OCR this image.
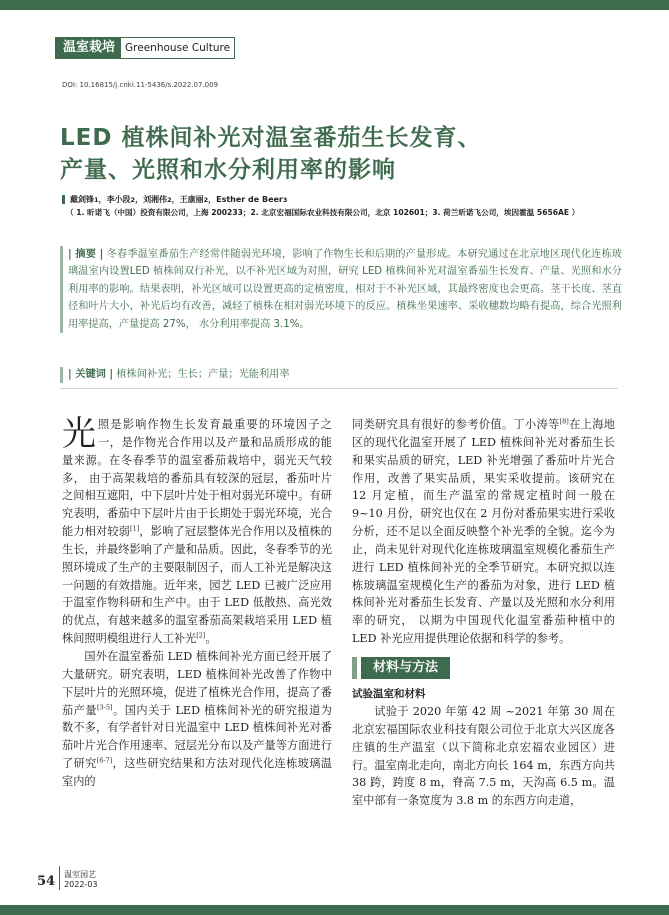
温室栽培 Greenhouse Culture
DOI: 10.16815/j.cnki.11-5436/s.2022.07.009
LED 植株间补光对温室番茄生长发育、
产量、光照和水分利用率的影响
戴剑锋 1 ， 李小段 2 ， 刘湘伟 2 ， 王康丽 2 ， Esther de Beer 3
（ 1. 昕诺飞（中国）投资有限公司，上海 200233；2. 北京宏福国际农业科技有限公司，北京 102601；3. 荷兰昕诺飞公司，埃因霍温 5656AE ）
| 摘要 | 冬春季温室番茄生产经常伴随弱光环境，影响了作物生长和后期的产量形成。本研究通过在北京地区现代化连栋玻璃温室内设置LED 植株间双行补光，以不补光区域为对照，研究 LED 植株间补光对温室番茄生长发育、产量、光照和水分利用率的影响。结果表明，补光区域可以设置更高的定植密度，相对于不补光区域，其最终密度也会更高。茎干长度、茎直径和叶片大小，补光后均有改善，减轻了植株在相对弱光环境下的反应。植株坐果速率、采收穗数均略有提高，综合光照利用率提高，产量提高 27%， 水分利用率提高 3.1%。
| 关键词 | 植株间补光；生长；产量；光能利用率

光照是影响作物生长发育最重要的环境因子之一，是作物光合作用以及产量和品质形成的能量来源。在冬春季节的温室番茄栽培中，弱光天气较多， 由于高架栽培的番茄具有较深的冠层，番茄叶片之间相互遮阳，中下层叶片处于相对弱光环境中。有研究表明，番茄中下层叶片由于长期处于弱光环境，光合能力相对较弱[1]，影响了冠层整体光合作用以及植株的生长，并最终影响了产量和品质。因此，冬春季节的光照环境成了生产的主要限制因子，而人工补光是解决这一问题的有效措施。近年来，园艺 LED 已被广泛应用于温室作物科研和生产中。由于 LED 低散热、高光效的优点，有越来越多的温室番茄高架栽培采用 LED 植株间照明模组进行人工补光[2]。

国外在温室番茄 LED 植株间补光方面已经开展了大量研究。研究表明，LED 植株间补光改善了作物中下层叶片的光照环境，促进了植株光合作用，提高了番茄产量[3-5]。国内关于 LED 植株间补光的研究报道为数不多，有学者针对日光温室中 LED 植株间补光对番茄叶片光合作用速率、冠层光分布以及产量等方面进行了研究[6-7]，这些研究结果和方法对现代化连栋玻璃温室内的

同类研究具有很好的参考价值。丁小涛等[8]在上海地区的现代化温室开展了 LED 植株间补光对番茄生长和果实品质的研究，LED 补光增强了番茄叶片光合作用，改善了果实品质，果实采收提前。该研究在 12 月定植，而生产温室的常规定植时间一般在 9~10 月份，研究也仅在 2 月份对番茄果实进行采收分析，还不足以全面反映整个补光季的全貌。迄今为止，尚未见针对现代化连栋玻璃温室规模化番茄生产进行 LED 植株间补光的全季节研究。本研究拟以连栋玻璃温室规模化生产的番茄为对象，进行 LED 植株间补光对番茄生长发育、产量以及光照和水分利用率的研究， 以期为中国现代化温室番茄种植中的 LED 补光应用提供理论依据和科学的参考。

材料与方法
试验温室和材料

试验于 2020 年第 42 周 ~2021 年第 30 周在北京宏福国际农业科技有限公司位于北京大兴区庞各庄镇的生产温室（以下简称北京宏福农业园区）进行。温室南北走向，南北方向长 164 m，东西方向共 38 跨，跨度 8 m，脊高 7.5 m，天沟高 6.5 m。温室中部有一条宽度为 3.8 m 的东西方向走道，

54 温室园艺
2022-03
